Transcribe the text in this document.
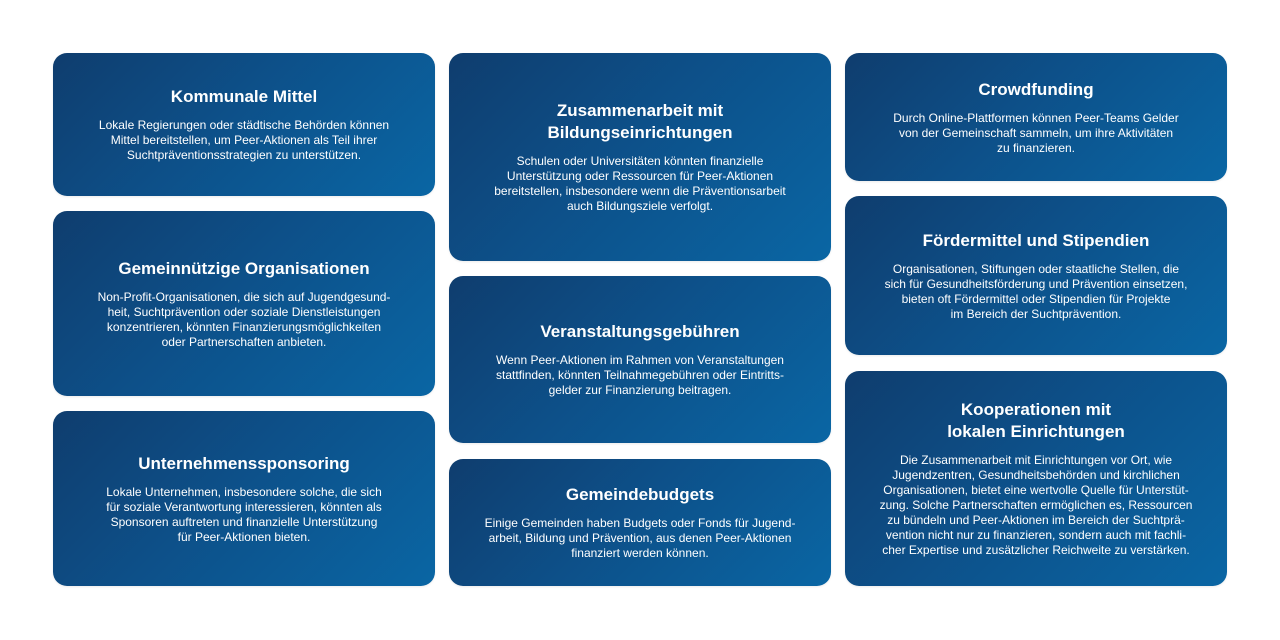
Kommunale Mittel
Lokale Regierungen oder städtische Behörden können
Mittel bereitstellen, um Peer-Aktionen als Teil ihrer
Suchtpräventionsstrategien zu unterstützen.
Gemeinnützige Organisationen
Non-Profit-Organisationen, die sich auf Jugendgesund-
heit, Suchtprävention oder soziale Dienstleistungen
konzentrieren, könnten Finanzierungsmöglichkeiten
oder Partnerschaften anbieten.
Unternehmenssponsoring
Lokale Unternehmen, insbesondere solche, die sich
für soziale Verantwortung interessieren, könnten als
Sponsoren auftreten und finanzielle Unterstützung
für Peer-Aktionen bieten.
Zusammenarbeit mit
Bildungseinrichtungen
Schulen oder Universitäten könnten finanzielle
Unterstützung oder Ressourcen für Peer-Aktionen
bereitstellen, insbesondere wenn die Präventionsarbeit
auch Bildungsziele verfolgt.
Veranstaltungsgebühren
Wenn Peer-Aktionen im Rahmen von Veranstaltungen
stattfinden, könnten Teilnahmegebühren oder Eintritts-
gelder zur Finanzierung beitragen.
Gemeindebudgets
Einige Gemeinden haben Budgets oder Fonds für Jugend-
arbeit, Bildung und Prävention, aus denen Peer-Aktionen
finanziert werden können.
Crowdfunding
Durch Online-Plattformen können Peer-Teams Gelder
von der Gemeinschaft sammeln, um ihre Aktivitäten
zu finanzieren.
Fördermittel und Stipendien
Organisationen, Stiftungen oder staatliche Stellen, die
sich für Gesundheitsförderung und Prävention einsetzen,
bieten oft Fördermittel oder Stipendien für Projekte
im Bereich der Suchtprävention.
Kooperationen mit
lokalen Einrichtungen
Die Zusammenarbeit mit Einrichtungen vor Ort, wie
Jugendzentren, Gesundheitsbehörden und kirchlichen
Organisationen, bietet eine wertvolle Quelle für Unterstüt-
zung. Solche Partnerschaften ermöglichen es, Ressourcen
zu bündeln und Peer-Aktionen im Bereich der Suchtprä-
vention nicht nur zu finanzieren, sondern auch mit fachli-
cher Expertise und zusätzlicher Reichweite zu verstärken.
